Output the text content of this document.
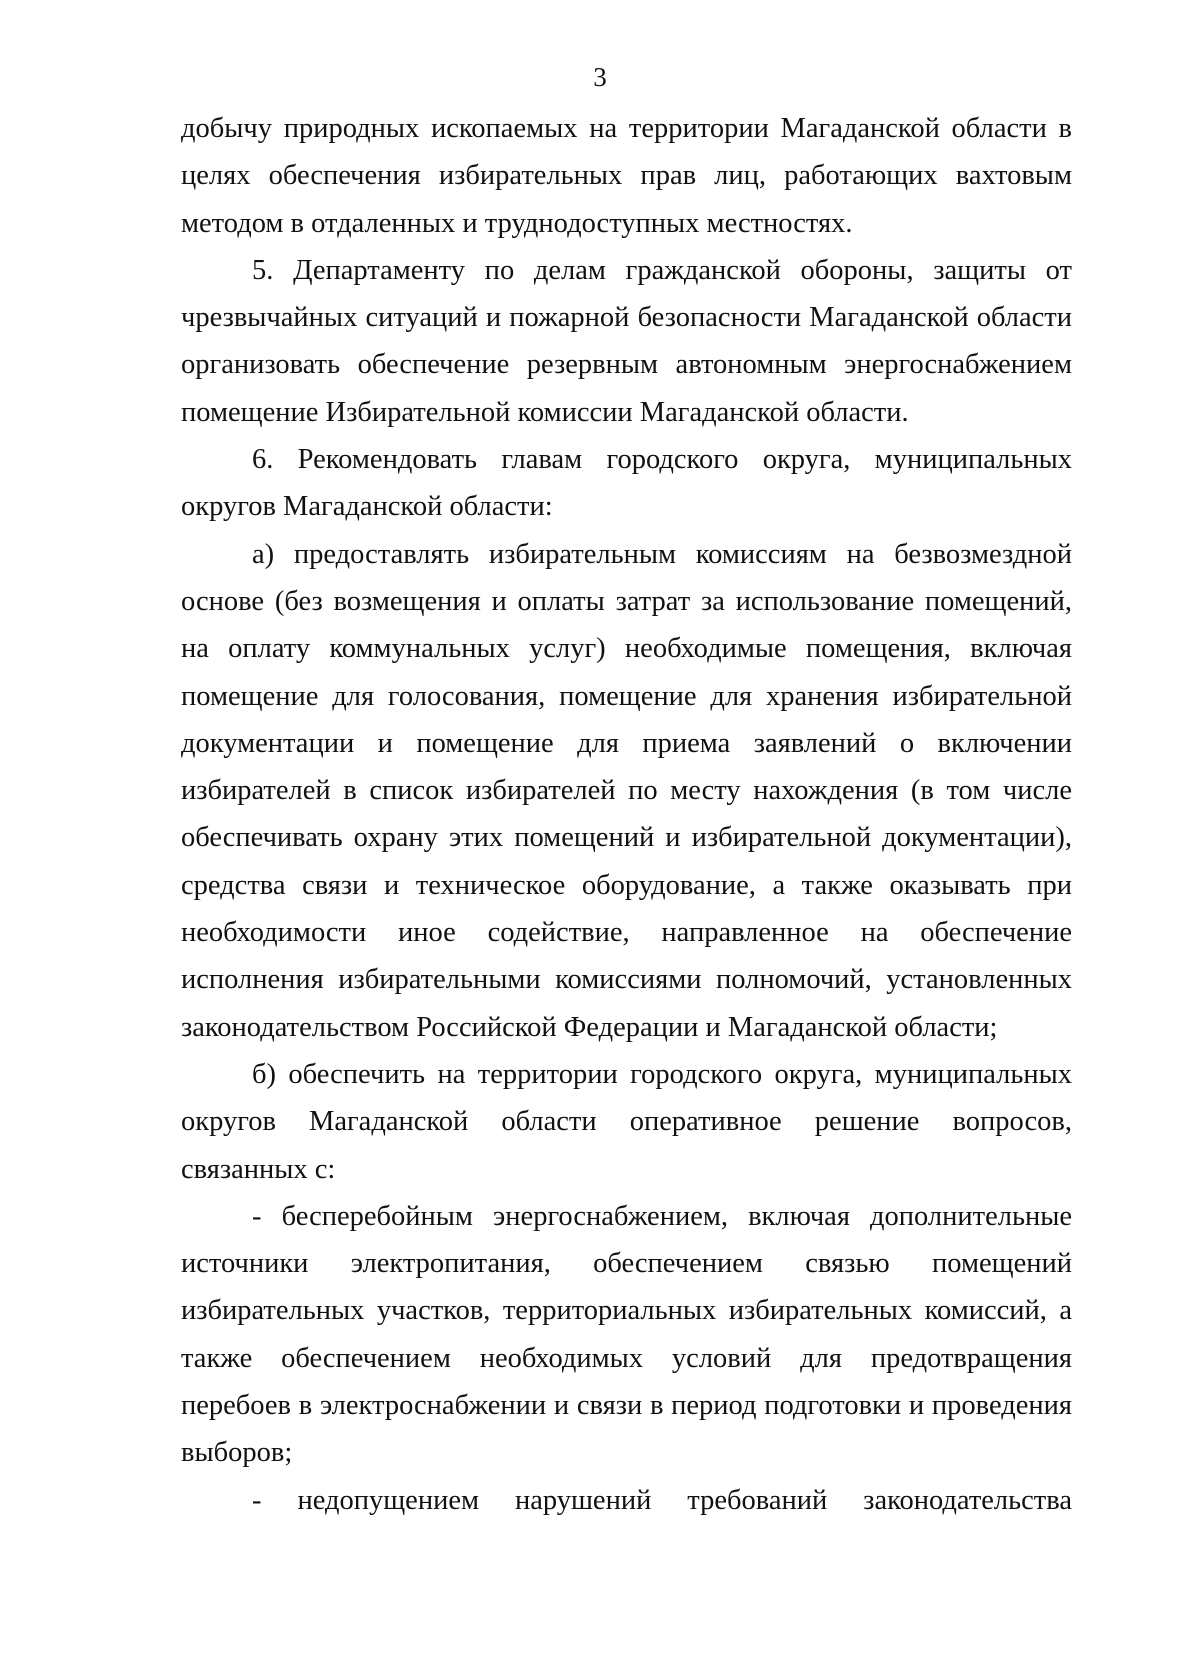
3

добычу природных ископаемых на территории Магаданской области в целях обеспечения избирательных прав лиц, работающих вахтовым методом в отдаленных и труднодоступных местностях.

5. Департаменту по делам гражданской обороны, защиты от чрезвычайных ситуаций и пожарной безопасности Магаданской области организовать обеспечение резервным автономным энергоснабжением помещение Избирательной комиссии Магаданской области.

6. Рекомендовать главам городского округа, муниципальных округов Магаданской области:

а) предоставлять избирательным комиссиям на безвозмездной основе (без возмещения и оплаты затрат за использование помещений, на оплату коммунальных услуг) необходимые помещения, включая помещение для голосования, помещение для хранения избирательной документации и помещение для приема заявлений о включении избирателей в список избирателей по месту нахождения (в том числе обеспечивать охрану этих помещений и избирательной документации), средства связи и техническое оборудование, а также оказывать при необходимости иное содействие, направленное на обеспечение исполнения избирательными комиссиями полномочий, установленных законодательством Российской Федерации и Магаданской области;

б) обеспечить на территории городского округа, муниципальных округов Магаданской области оперативное решение вопросов, связанных с:

- бесперебойным энергоснабжением, включая дополнительные источники электропитания, обеспечением связью помещений избирательных участков, территориальных избирательных комиссий, а также обеспечением необходимых условий для предотвращения перебоев в электроснабжении и связи в период подготовки и проведения выборов;

- недопущением нарушений требований законодательства
